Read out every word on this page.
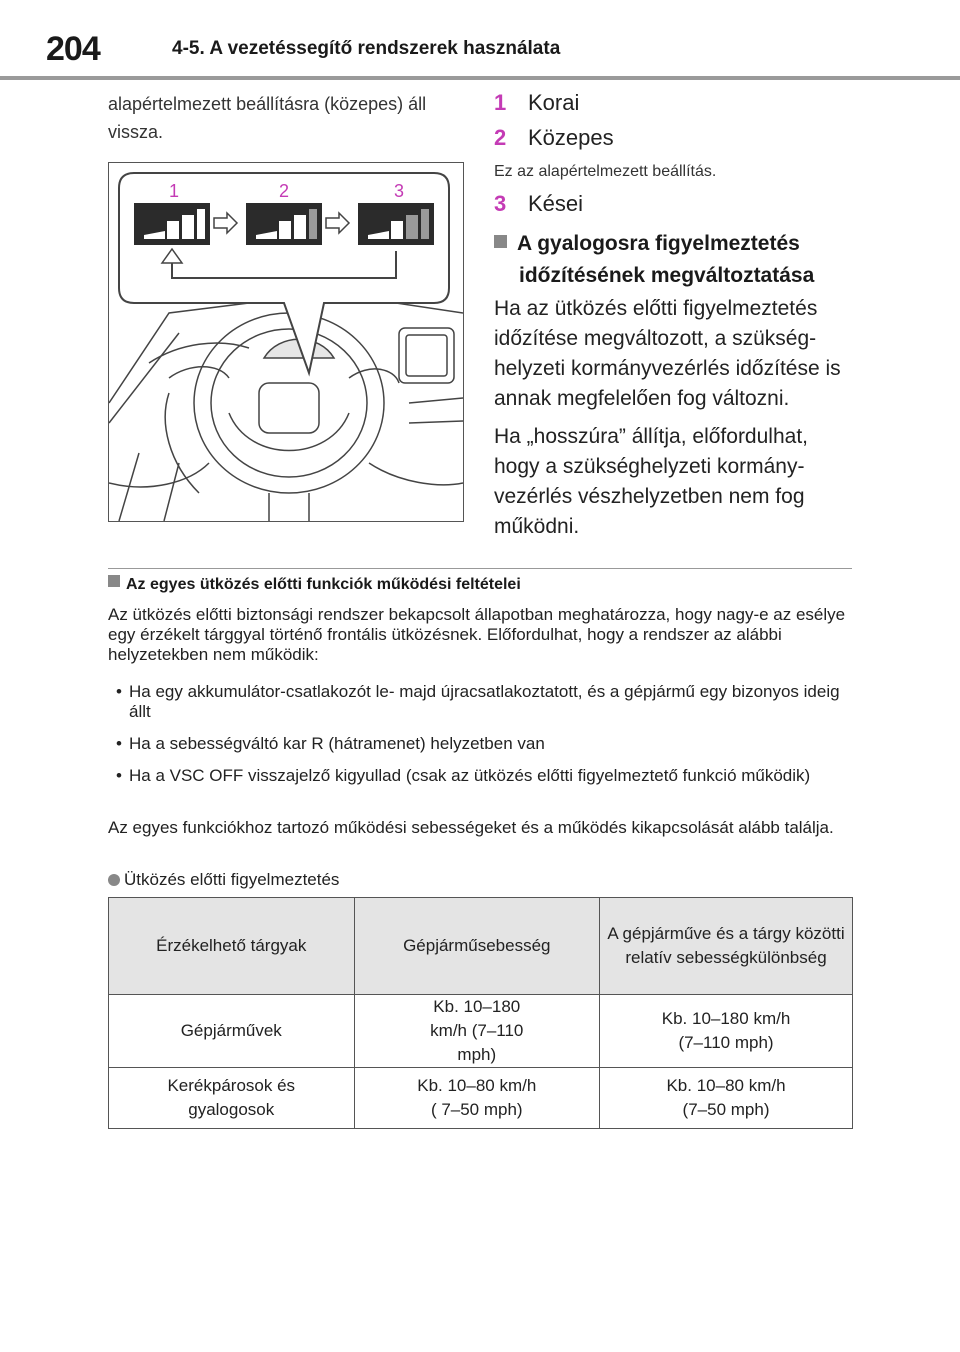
204	4-5. A vezetéssegítő rendszerek használata
alapértelmezett beállításra (közepes) áll vissza.
1	2	3
1 Korai
2 Közepes
Ez az alapértelmezett beállítás.
3 Kései
A gyalogosra figyelmeztetés
időzítésének megváltoztatása
Ha az ütközés előtti figyelmeztetés időzítése megváltozott, a szükséghelyzeti kormányvezérlés időzítése is annak megfelelően fog változni.
Ha „hosszúra” állítja, előfordulhat, hogy a szükséghelyzeti kormányvezérlés vészhelyzetben nem fog működni.
Az egyes ütközés előtti funkciók működési feltételei
Az ütközés előtti biztonsági rendszer bekapcsolt állapotban meghatározza, hogy nagy-e az esélye egy érzékelt tárggyal történő frontális ütközésnek. Előfordulhat, hogy a rendszer az alábbi helyzetekben nem működik:
• Ha egy akkumulátor-csatlakozót le- majd újracsatlakoztatott, és a gépjármű egy bizonyos ideig állt
• Ha a sebességváltó kar R (hátramenet) helyzetben van
• Ha a VSC OFF visszajelző kigyullad (csak az ütközés előtti figyelmeztető funkció működik)
Az egyes funkciókhoz tartozó működési sebességeket és a működés kikapcsolását alább találja.
Ütközés előtti figyelmeztetés
Érzékelhető tárgyak	Gépjárműsebesség	A gépjárműve és a tárgy közötti relatív sebességkülönbség
Gépjárművek	Kb. 10–180 km/h (7–110 mph)	Kb. 10–180 km/h (7–110 mph)
Kerékpárosok és gyalogosok	Kb. 10–80 km/h ( 7–50 mph)	Kb. 10–80 km/h (7–50 mph)
